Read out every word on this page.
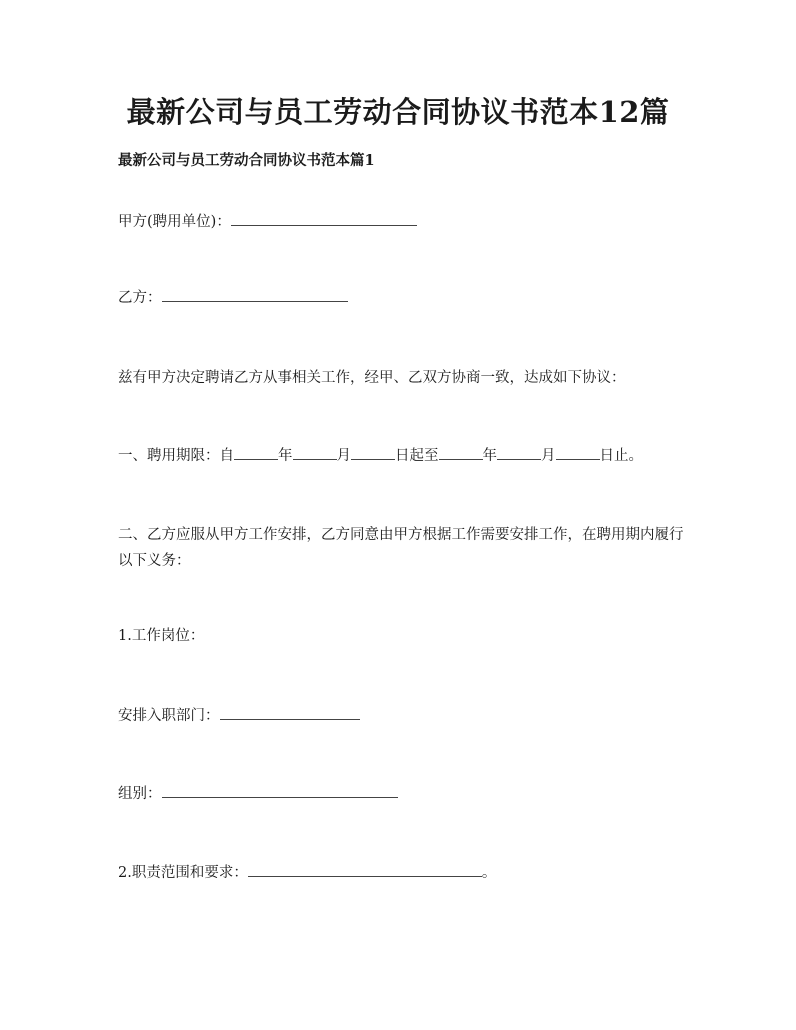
最新公司与员工劳动合同协议书范本12篇
最新公司与员工劳动合同协议书范本篇1

甲方(聘用单位)：

乙方：

兹有甲方决定聘请乙方从事相关工作，经甲、乙双方协商一致，达成如下协议：

一、聘用期限：自	年	月	日起至	年	月	日止。

二、乙方应服从甲方工作安排，乙方同意由甲方根据工作需要安排工作，在聘用期内履行以下义务：

1.工作岗位：

安排入职部门：

组别：

2.职责范围和要求：	。
